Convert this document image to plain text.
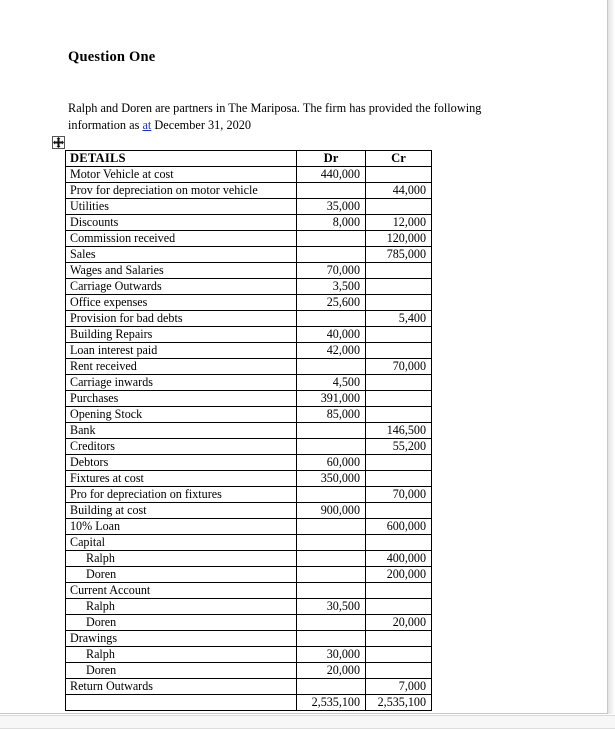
Question One

Ralph and Doren are partners in The Mariposa. The firm has provided the following information as at December 31, 2020

DETAILS	Dr	Cr
Motor Vehicle at cost	440,000	
Prov for depreciation on motor vehicle		44,000
Utilities	35,000	
Discounts	8,000	12,000
Commission received		120,000
Sales		785,000
Wages and Salaries	70,000	
Carriage Outwards	3,500	
Office expenses	25,600	
Provision for bad debts		5,400
Building Repairs	40,000	
Loan interest paid	42,000	
Rent received		70,000
Carriage inwards	4,500	
Purchases	391,000	
Opening Stock	85,000	
Bank		146,500
Creditors		55,200
Debtors	60,000	
Fixtures at cost	350,000	
Pro for depreciation on fixtures		70,000
Building at cost	900,000	
10% Loan		600,000
Capital		
Ralph		400,000
Doren		200,000
Current Account		
Ralph	30,500	
Doren		20,000
Drawings		
Ralph	30,000	
Doren	20,000	
Return Outwards		7,000
	2,535,100	2,535,100
